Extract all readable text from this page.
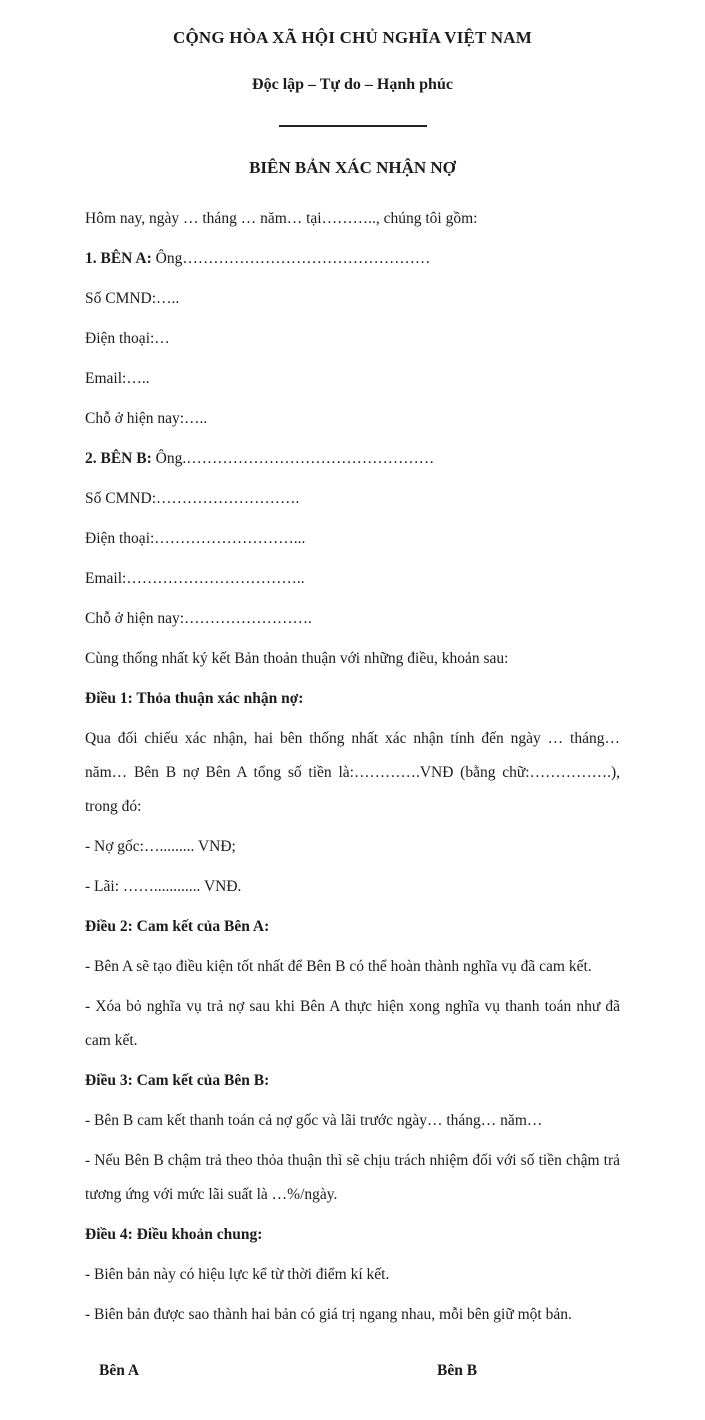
CỘNG HÒA XÃ HỘI CHỦ NGHĨA VIỆT NAM
Độc lập – Tự do – Hạnh phúc
BIÊN BẢN XÁC NHẬN NỢ

Hôm nay, ngày … tháng … năm… tại……….., chúng tôi gồm:

1. BÊN A: Ông…………………………………………

Số CMND:…..

Điện thoại:…

Email:…..

Chỗ ở hiện nay:…..

2. BÊN B: Ông.…………………………………………

Số CMND:……………………….

Điện thoại:………………………...

Email:……………………………..

Chỗ ở hiện nay:…………………….

Cùng thống nhất ký kết Bản thoản thuận với những điều, khoản sau:

Điều 1: Thỏa thuận xác nhận nợ:

Qua đối chiếu xác nhận, hai bên thống nhất xác nhận tính đến ngày … tháng… năm… Bên B nợ Bên A tổng số tiền là:………….VNĐ (bằng chữ:…………….), trong đó:

- Nợ gốc:…......... VNĐ;

- Lãi: ……............ VNĐ.

Điều 2: Cam kết của Bên A:

- Bên A sẽ tạo điều kiện tốt nhất để Bên B có thể hoàn thành nghĩa vụ đã cam kết.

- Xóa bỏ nghĩa vụ trả nợ sau khi Bên A thực hiện xong nghĩa vụ thanh toán như đã cam kết.

Điều 3: Cam kết của Bên B:

- Bên B cam kết thanh toán cả nợ gốc và lãi trước ngày… tháng… năm…

- Nếu Bên B chậm trả theo thỏa thuận thì sẽ chịu trách nhiệm đối với số tiền chậm trả tương ứng với mức lãi suất là …%/ngày.

Điều 4: Điều khoản chung:

- Biên bản này có hiệu lực kể từ thời điểm kí kết.

- Biên bản được sao thành hai bản có giá trị ngang nhau, mỗi bên giữ một bản.

Bên A	Bên B
